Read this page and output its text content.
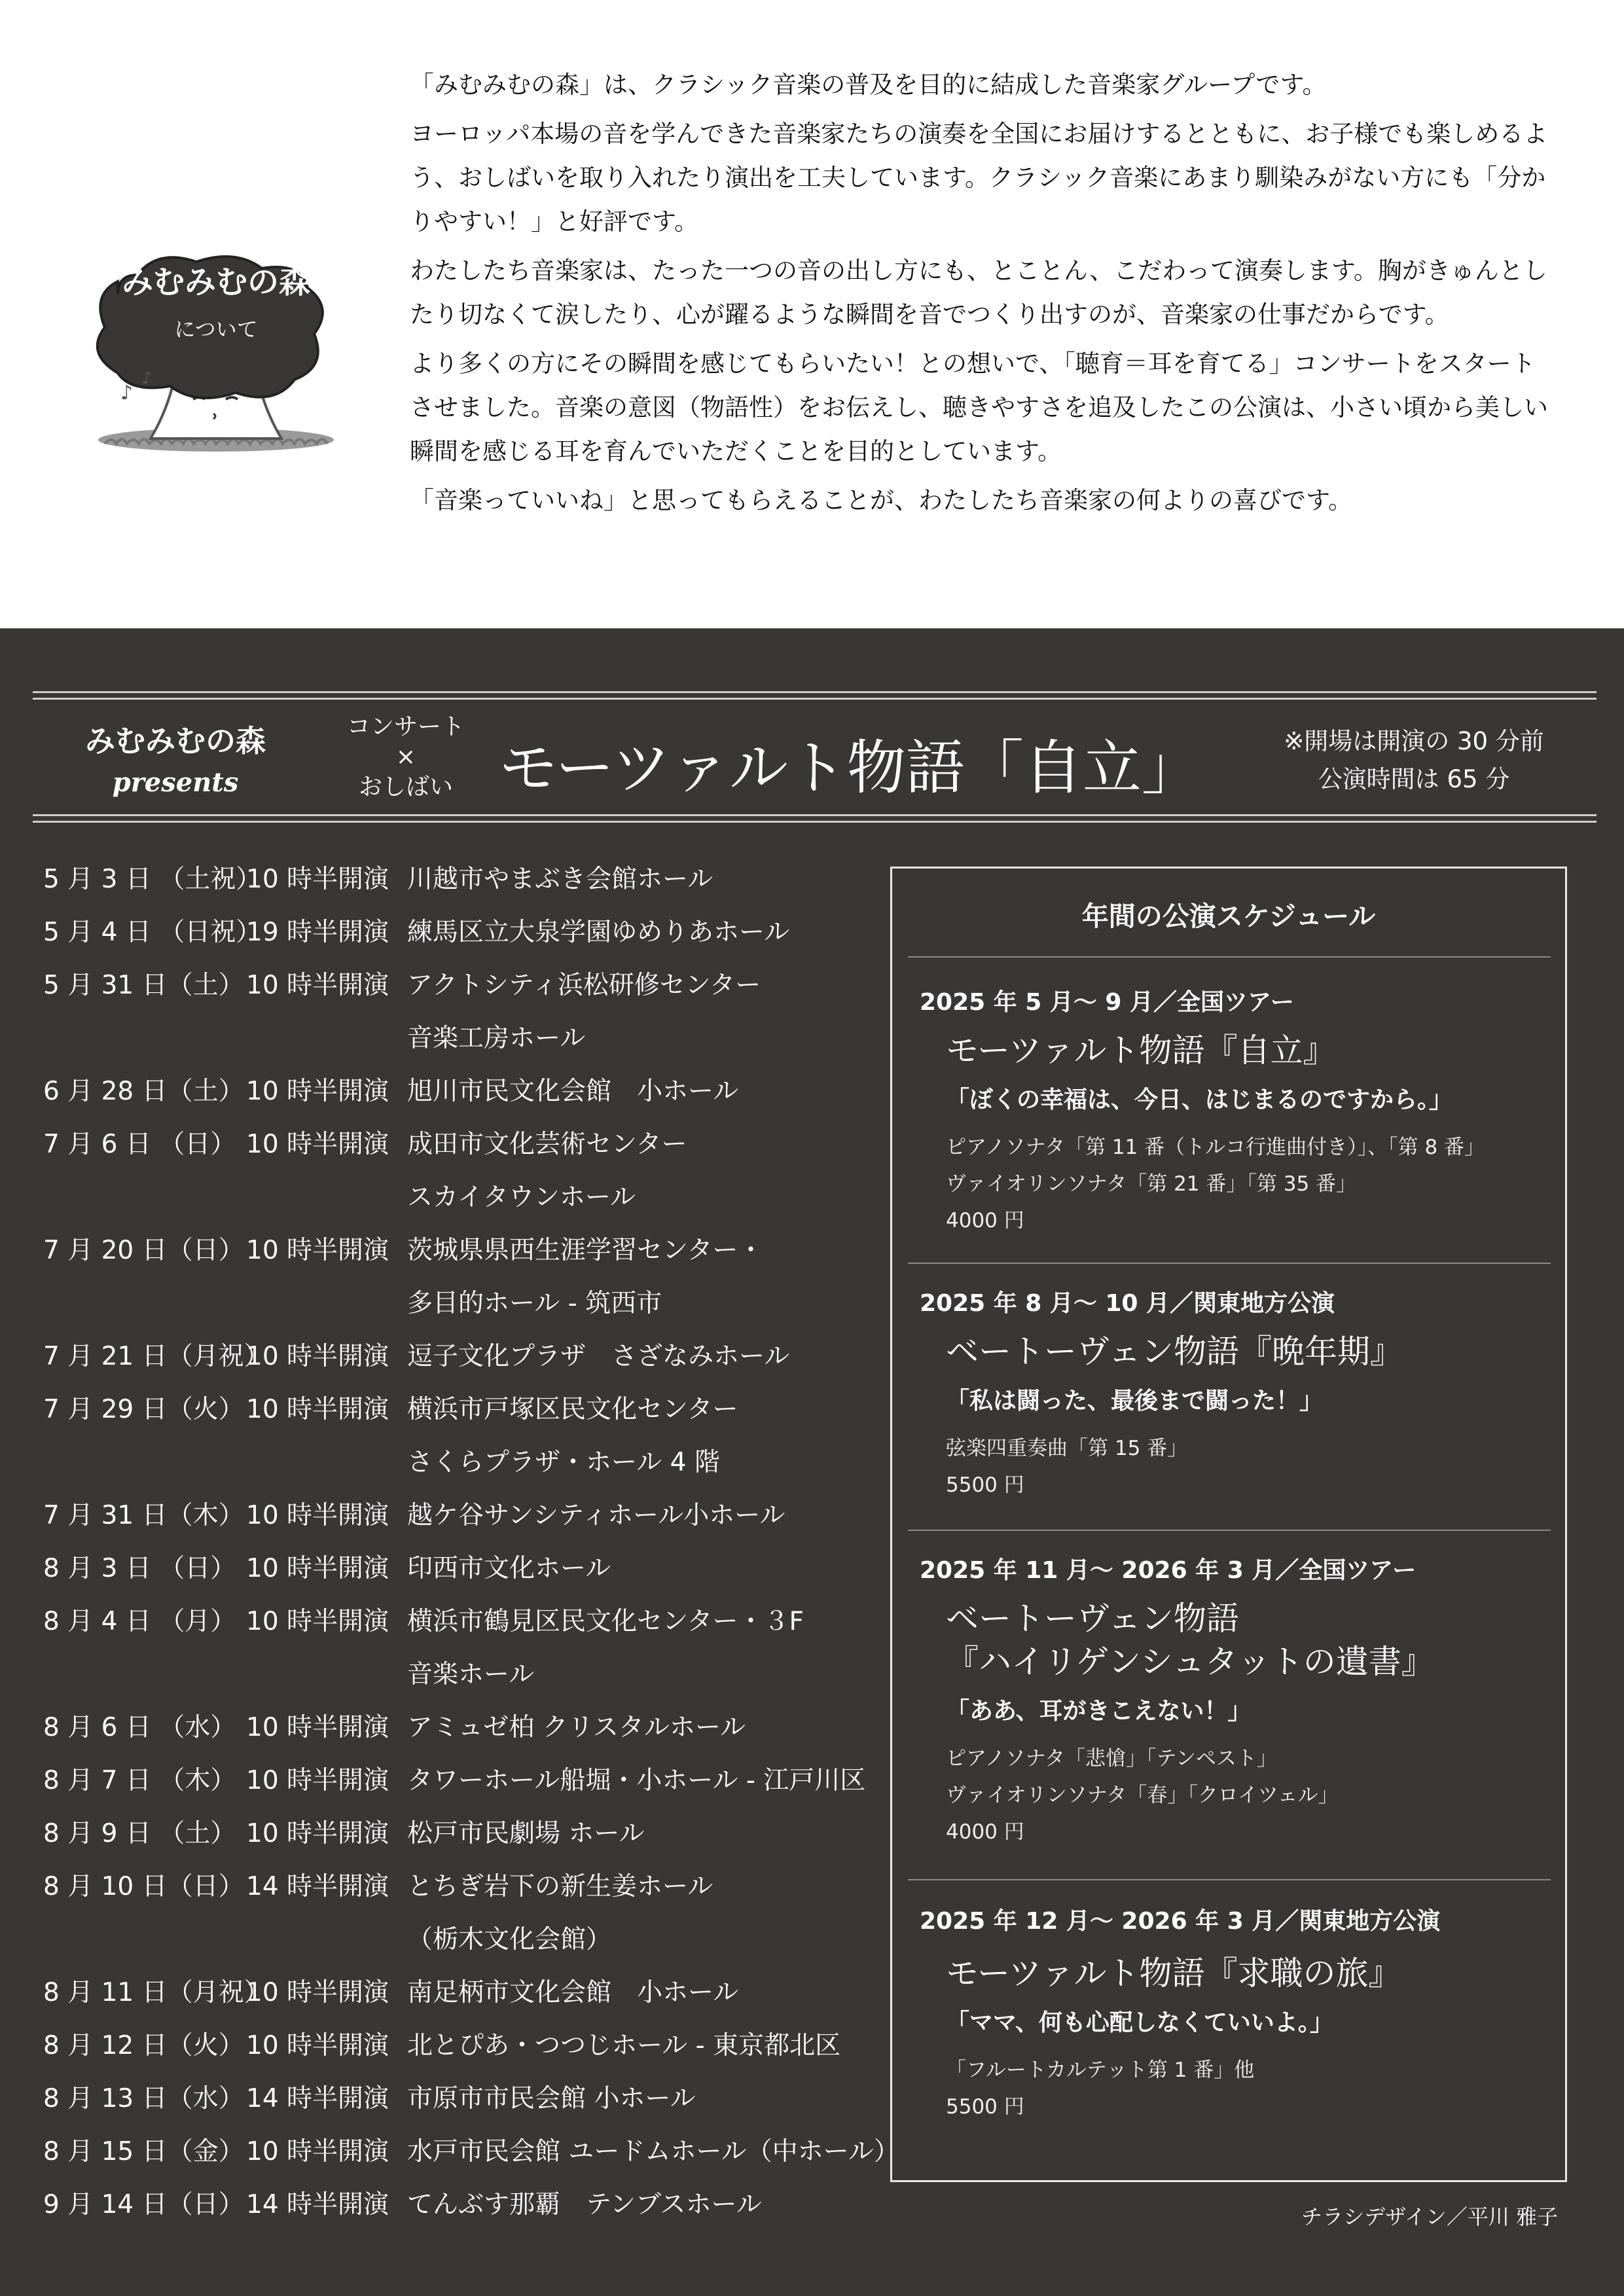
♪
♪
みむみむの森
について

「みむみむの森」は、クラシック音楽の普及を目的に結成した音楽家グループです。

ヨーロッパ本場の音を学んできた音楽家たちの演奏を全国にお届けするとともに、お子様でも楽しめるよう、おしばいを取り入れたり演出を工夫しています。クラシック音楽にあまり馴染みがない方にも「分かりやすい！」と好評です。

わたしたち音楽家は、たった一つの音の出し方にも、とことん、こだわって演奏します。胸がきゅんとしたり切なくて涙したり、心が躍るような瞬間を音でつくり出すのが、音楽家の仕事だからです。

より多くの方にその瞬間を感じてもらいたい！との想いで、「聴育＝耳を育てる」コンサートをスタートさせました。音楽の意図（物語性）をお伝えし、聴きやすさを追及したこの公演は、小さい頃から美しい瞬間を感じる耳を育んでいただくことを目的としています。

「音楽っていいね」と思ってもらえることが、わたしたち音楽家の何よりの喜びです。

みむみむの森
presents
コンサート
×
おしばい モーツァルト物語「自立」	※開場は開演の 30 分前
公演時間は 65 分
5 月 3 日 （土祝）
10 時半開演 川越市やまぶき会館ホール
5 月 4 日 （日祝）
19 時半開演 練馬区立大泉学園ゆめりあホール
5 月 31 日（土） 10 時半開演 アクトシティ浜松研修センター
音楽工房ホール
6 月 28 日（土） 10 時半開演 旭川市民文化会館　小ホール
7 月 6 日 （日） 10 時半開演 成田市文化芸術センター
スカイタウンホール
7 月 20 日（日） 10 時半開演 茨城県県西生涯学習センター・
多目的ホール - 筑西市
7 月 21 日（月祝）
10 時半開演 逗子文化プラザ　さざなみホール
7 月 29 日（火） 10 時半開演 横浜市戸塚区民文化センター
さくらプラザ・ホール 4 階
7 月 31 日（木） 10 時半開演 越ケ谷サンシティホール小ホール
8 月 3 日 （日） 10 時半開演 印西市文化ホール
8 月 4 日 （月） 10 時半開演 横浜市鶴見区民文化センター・３F
音楽ホール
8 月 6 日 （水） 10 時半開演 アミュゼ柏 クリスタルホール
8 月 7 日 （木） 10 時半開演 タワーホール船堀・小ホール - 江戸川区
8 月 9 日 （土） 10 時半開演 松戸市民劇場 ホール
8 月 10 日（日） 14 時半開演 とちぎ岩下の新生姜ホール
（栃木文化会館）
8 月 11 日（月祝）
10 時半開演 南足柄市文化会館　小ホール
8 月 12 日（火） 10 時半開演 北とぴあ・つつじホール - 東京都北区
8 月 13 日（水） 14 時半開演 市原市市民会館 小ホール
8 月 15 日（金） 10 時半開演 水戸市民会館 ユードムホール（中ホール）
9 月 14 日（日） 14 時半開演 てんぶす那覇　テンブスホール
年間の公演スケジュール
2025 年 5 月〜 9 月／全国ツアー
モーツァルト物語『自立』
「ぼくの幸福は、今日、はじまるのですから。」
ピアノソナタ「第 11 番（トルコ行進曲付き）」、「第 8 番」
ヴァイオリンソナタ「第 21 番」「第 35 番」
4000 円
2025 年 8 月〜 10 月／関東地方公演
ベートーヴェン物語『晩年期』
「私は闘った、最後まで闘った！」
弦楽四重奏曲「第 15 番」
5500 円
2025 年 11 月〜 2026 年 3 月／全国ツアー
ベートーヴェン物語
『ハイリゲンシュタットの遺書』
「ああ、耳がきこえない！」
ピアノソナタ「悲愴」「テンペスト」
ヴァイオリンソナタ「春」「クロイツェル」
4000 円
2025 年 12 月〜 2026 年 3 月／関東地方公演
モーツァルト物語『求職の旅』
「ママ、何も心配しなくていいよ。」
「フルートカルテット第 1 番」他
5500 円
チラシデザイン／平川 雅子
